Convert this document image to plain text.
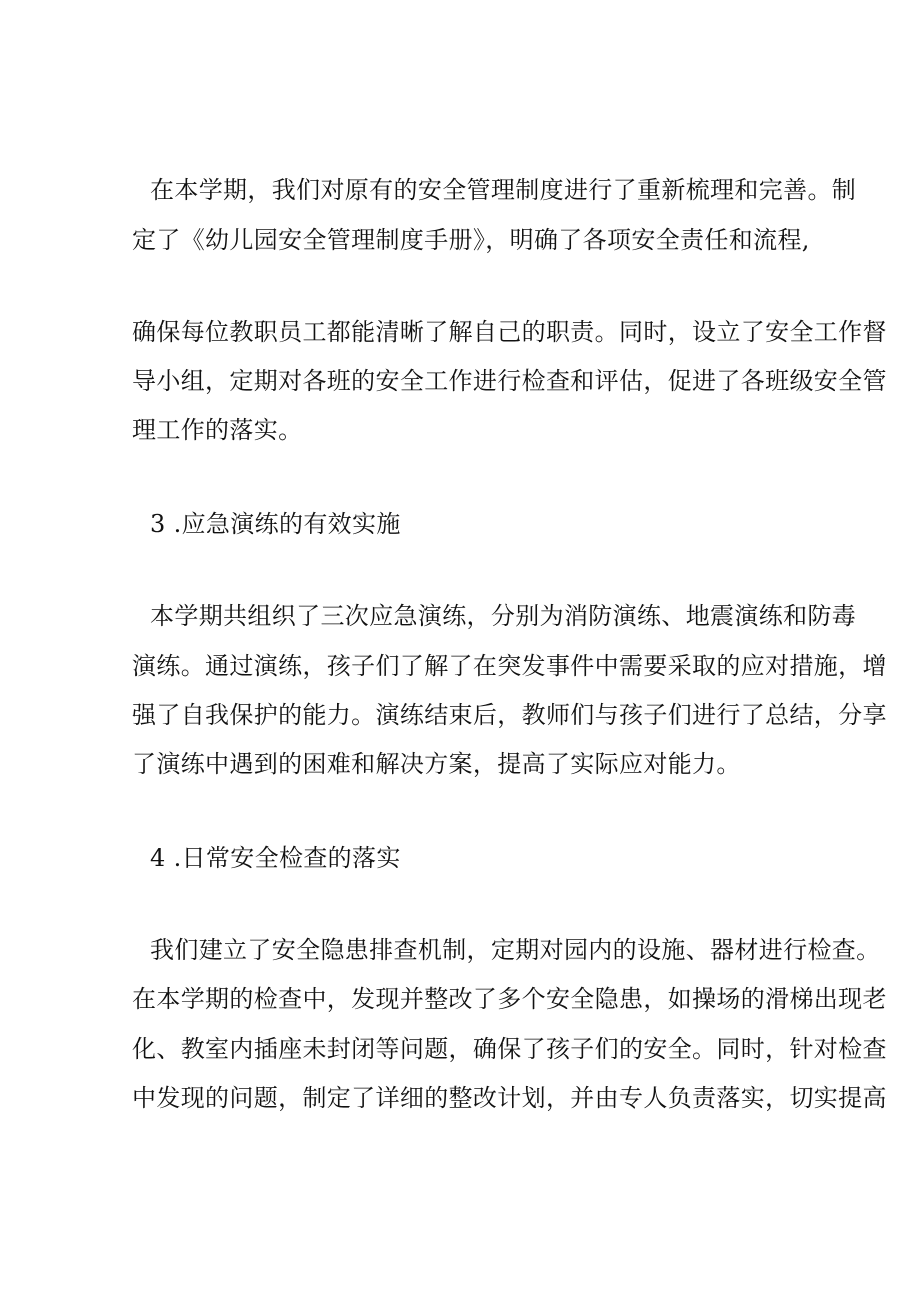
在本学期，我们对原有的安全管理制度进行了重新梳理和完善。制
定了《幼儿园安全管理制度手册》，明确了各项安全责任和流程,
确保每位教职员工都能清晰了解自己的职责。同时，设立了安全工作督
导小组，定期对各班的安全工作进行检查和评估，促进了各班级安全管
理工作的落实。
3 .应急演练的有效实施
本学期共组织了三次应急演练，分别为消防演练、地震演练和防毒
演练。通过演练，孩子们了解了在突发事件中需要采取的应对措施，增
强了自我保护的能力。演练结束后，教师们与孩子们进行了总结，分享
了演练中遇到的困难和解决方案，提高了实际应对能力。
4 .日常安全检查的落实
我们建立了安全隐患排查机制，定期对园内的设施、器材进行检查。
在本学期的检查中，发现并整改了多个安全隐患，如操场的滑梯出现老
化、教室内插座未封闭等问题，确保了孩子们的安全。同时，针对检查
中发现的问题，制定了详细的整改计划，并由专人负责落实，切实提高
